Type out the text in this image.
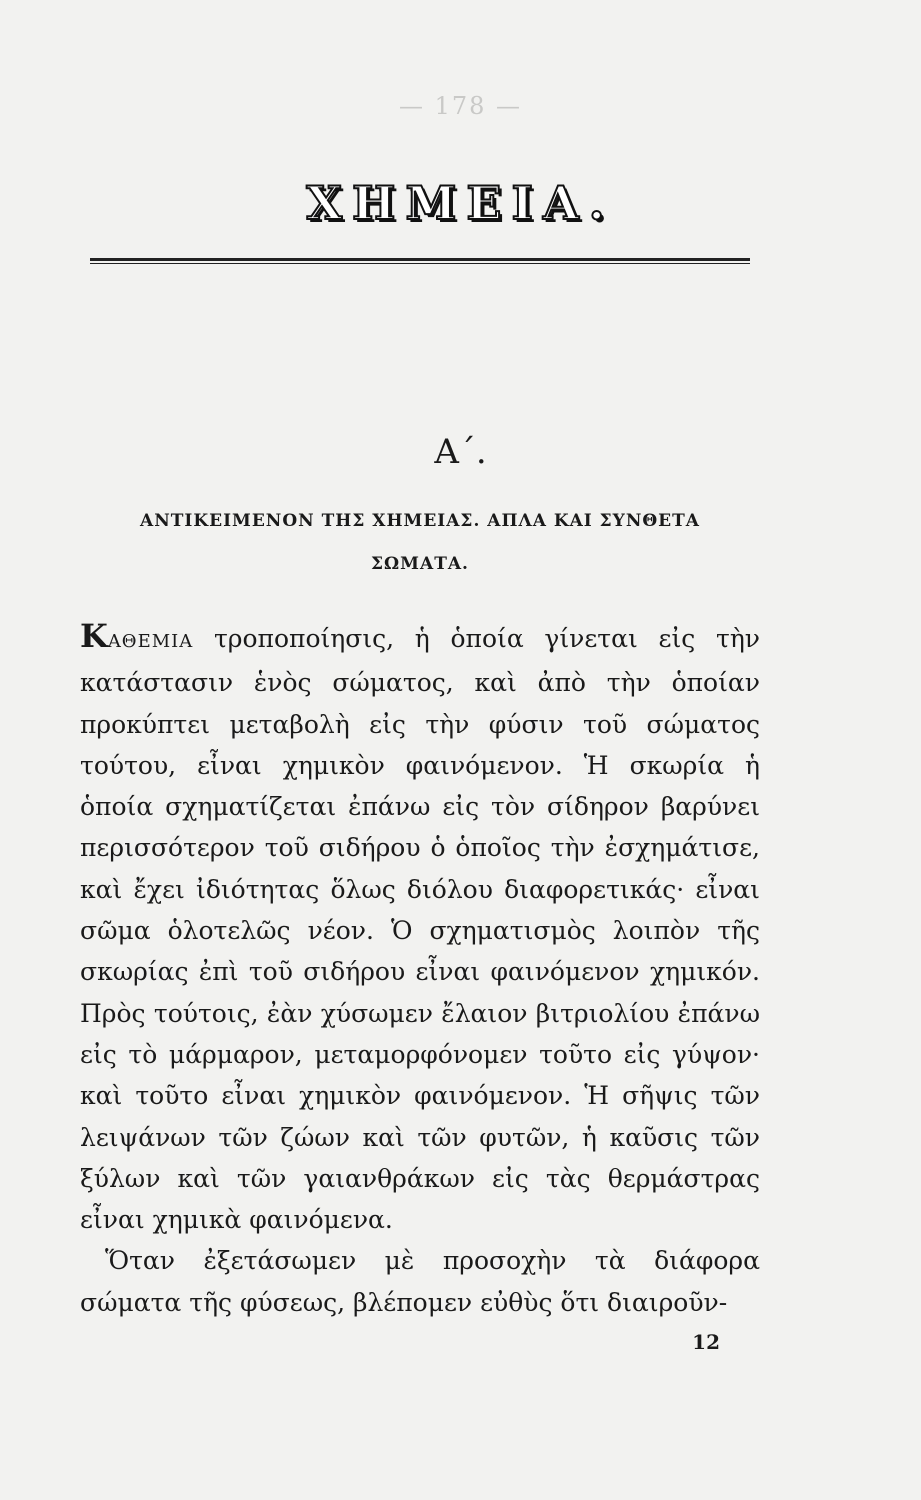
— 178 —
ΧΗΜΕΙΑ.
Α΄.
ΑΝΤΙΚΕΙΜΕΝΟΝ ΤΗΣ ΧΗΜΕΙΑΣ. ΑΠΛΑ ΚΑΙ ΣΥΝΘΕΤΑ ΣΩΜΑΤΑ.

ΚΑΘΕΜΙΑ τροποποίησις, ἡ ὁποία γίνεται εἰς τὴν κατάστασιν ἑνὸς σώματος, καὶ ἀπὸ τὴν ὁποίαν προκύπτει μεταβολὴ εἰς τὴν φύσιν τοῦ σώματος τούτου, εἶναι χημικὸν φαινόμενον. Ἡ σκωρία ἡ ὁποία σχηματίζεται ἐπάνω εἰς τὸν σίδηρον βαρύνει περισσότερον τοῦ σιδήρου ὁ ὁποῖος τὴν ἐσχημάτισε, καὶ ἔχει ἰδιότητας ὅλως διόλου διαφορετικάς· εἶναι σῶμα ὁλοτελῶς νέον. Ὁ σχηματισμὸς λοιπὸν τῆς σκωρίας ἐπὶ τοῦ σιδήρου εἶναι φαινόμενον χημικόν. Πρὸς τούτοις, ἐὰν χύσωμεν ἔλαιον βιτριολίου ἐπάνω εἰς τὸ μάρμαρον, μεταμορφόνομεν τοῦτο εἰς γύψον· καὶ τοῦτο εἶναι χημικὸν φαινόμενον. Ἡ σῆψις τῶν λειψάνων τῶν ζώων καὶ τῶν φυτῶν, ἡ καῦσις τῶν ξύλων καὶ τῶν γαιανθράκων εἰς τὰς θερμάστρας εἶναι χημικὰ φαινόμενα.

 Ὅταν ἐξετάσωμεν μὲ προσοχὴν τὰ διάφορα σώματα τῆς φύσεως, βλέπομεν εὐθὺς ὅτι διαιροῦν-

12
